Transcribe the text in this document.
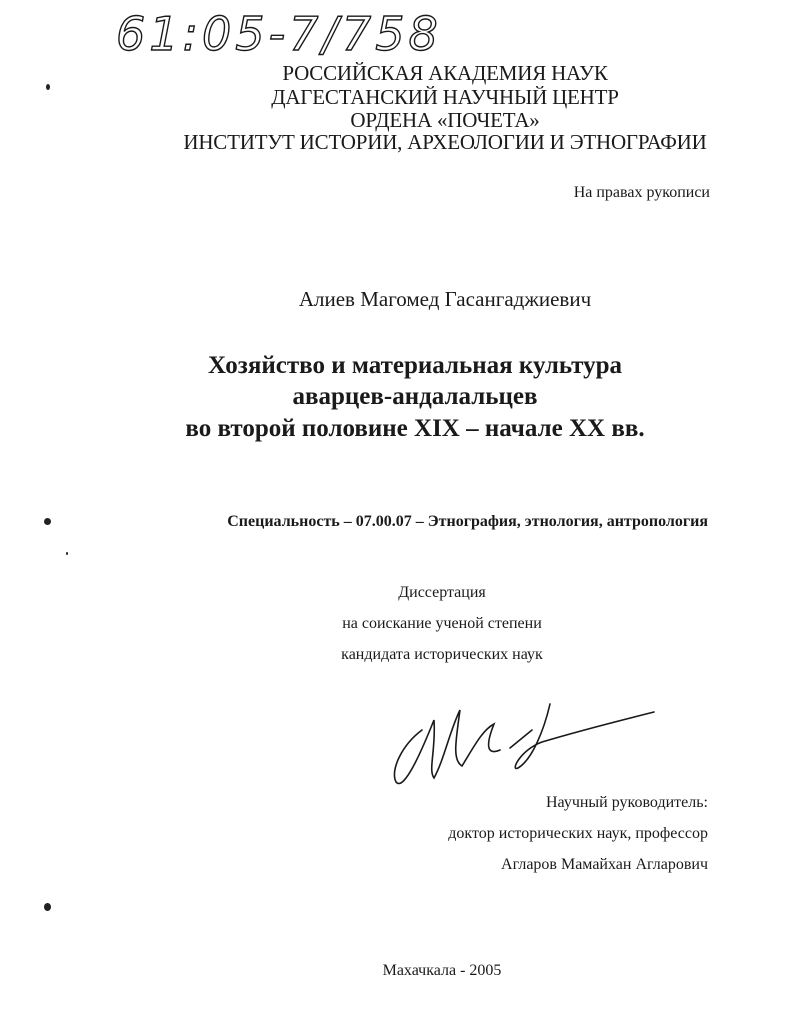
61:05-7/758
РОССИЙСКАЯ АКАДЕМИЯ НАУК
ДАГЕСТАНСКИЙ НАУЧНЫЙ ЦЕНТР
ОРДЕНА «ПОЧЕТА»
ИНСТИТУТ ИСТОРИИ, АРХЕОЛОГИИ И ЭТНОГРАФИИ
На правах рукописи
Алиев Магомед Гасангаджиевич
Хозяйство и материальная культура
аварцев-андалальцев
во второй половине XIX – начале XX вв.
Специальность – 07.00.07 – Этнография, этнология, антропология
Диссертация
на соискание ученой степени
кандидата исторических наук
Научный руководитель:
доктор исторических наук, профессор
Агларов Мамайхан Агларович
Махачкала - 2005
